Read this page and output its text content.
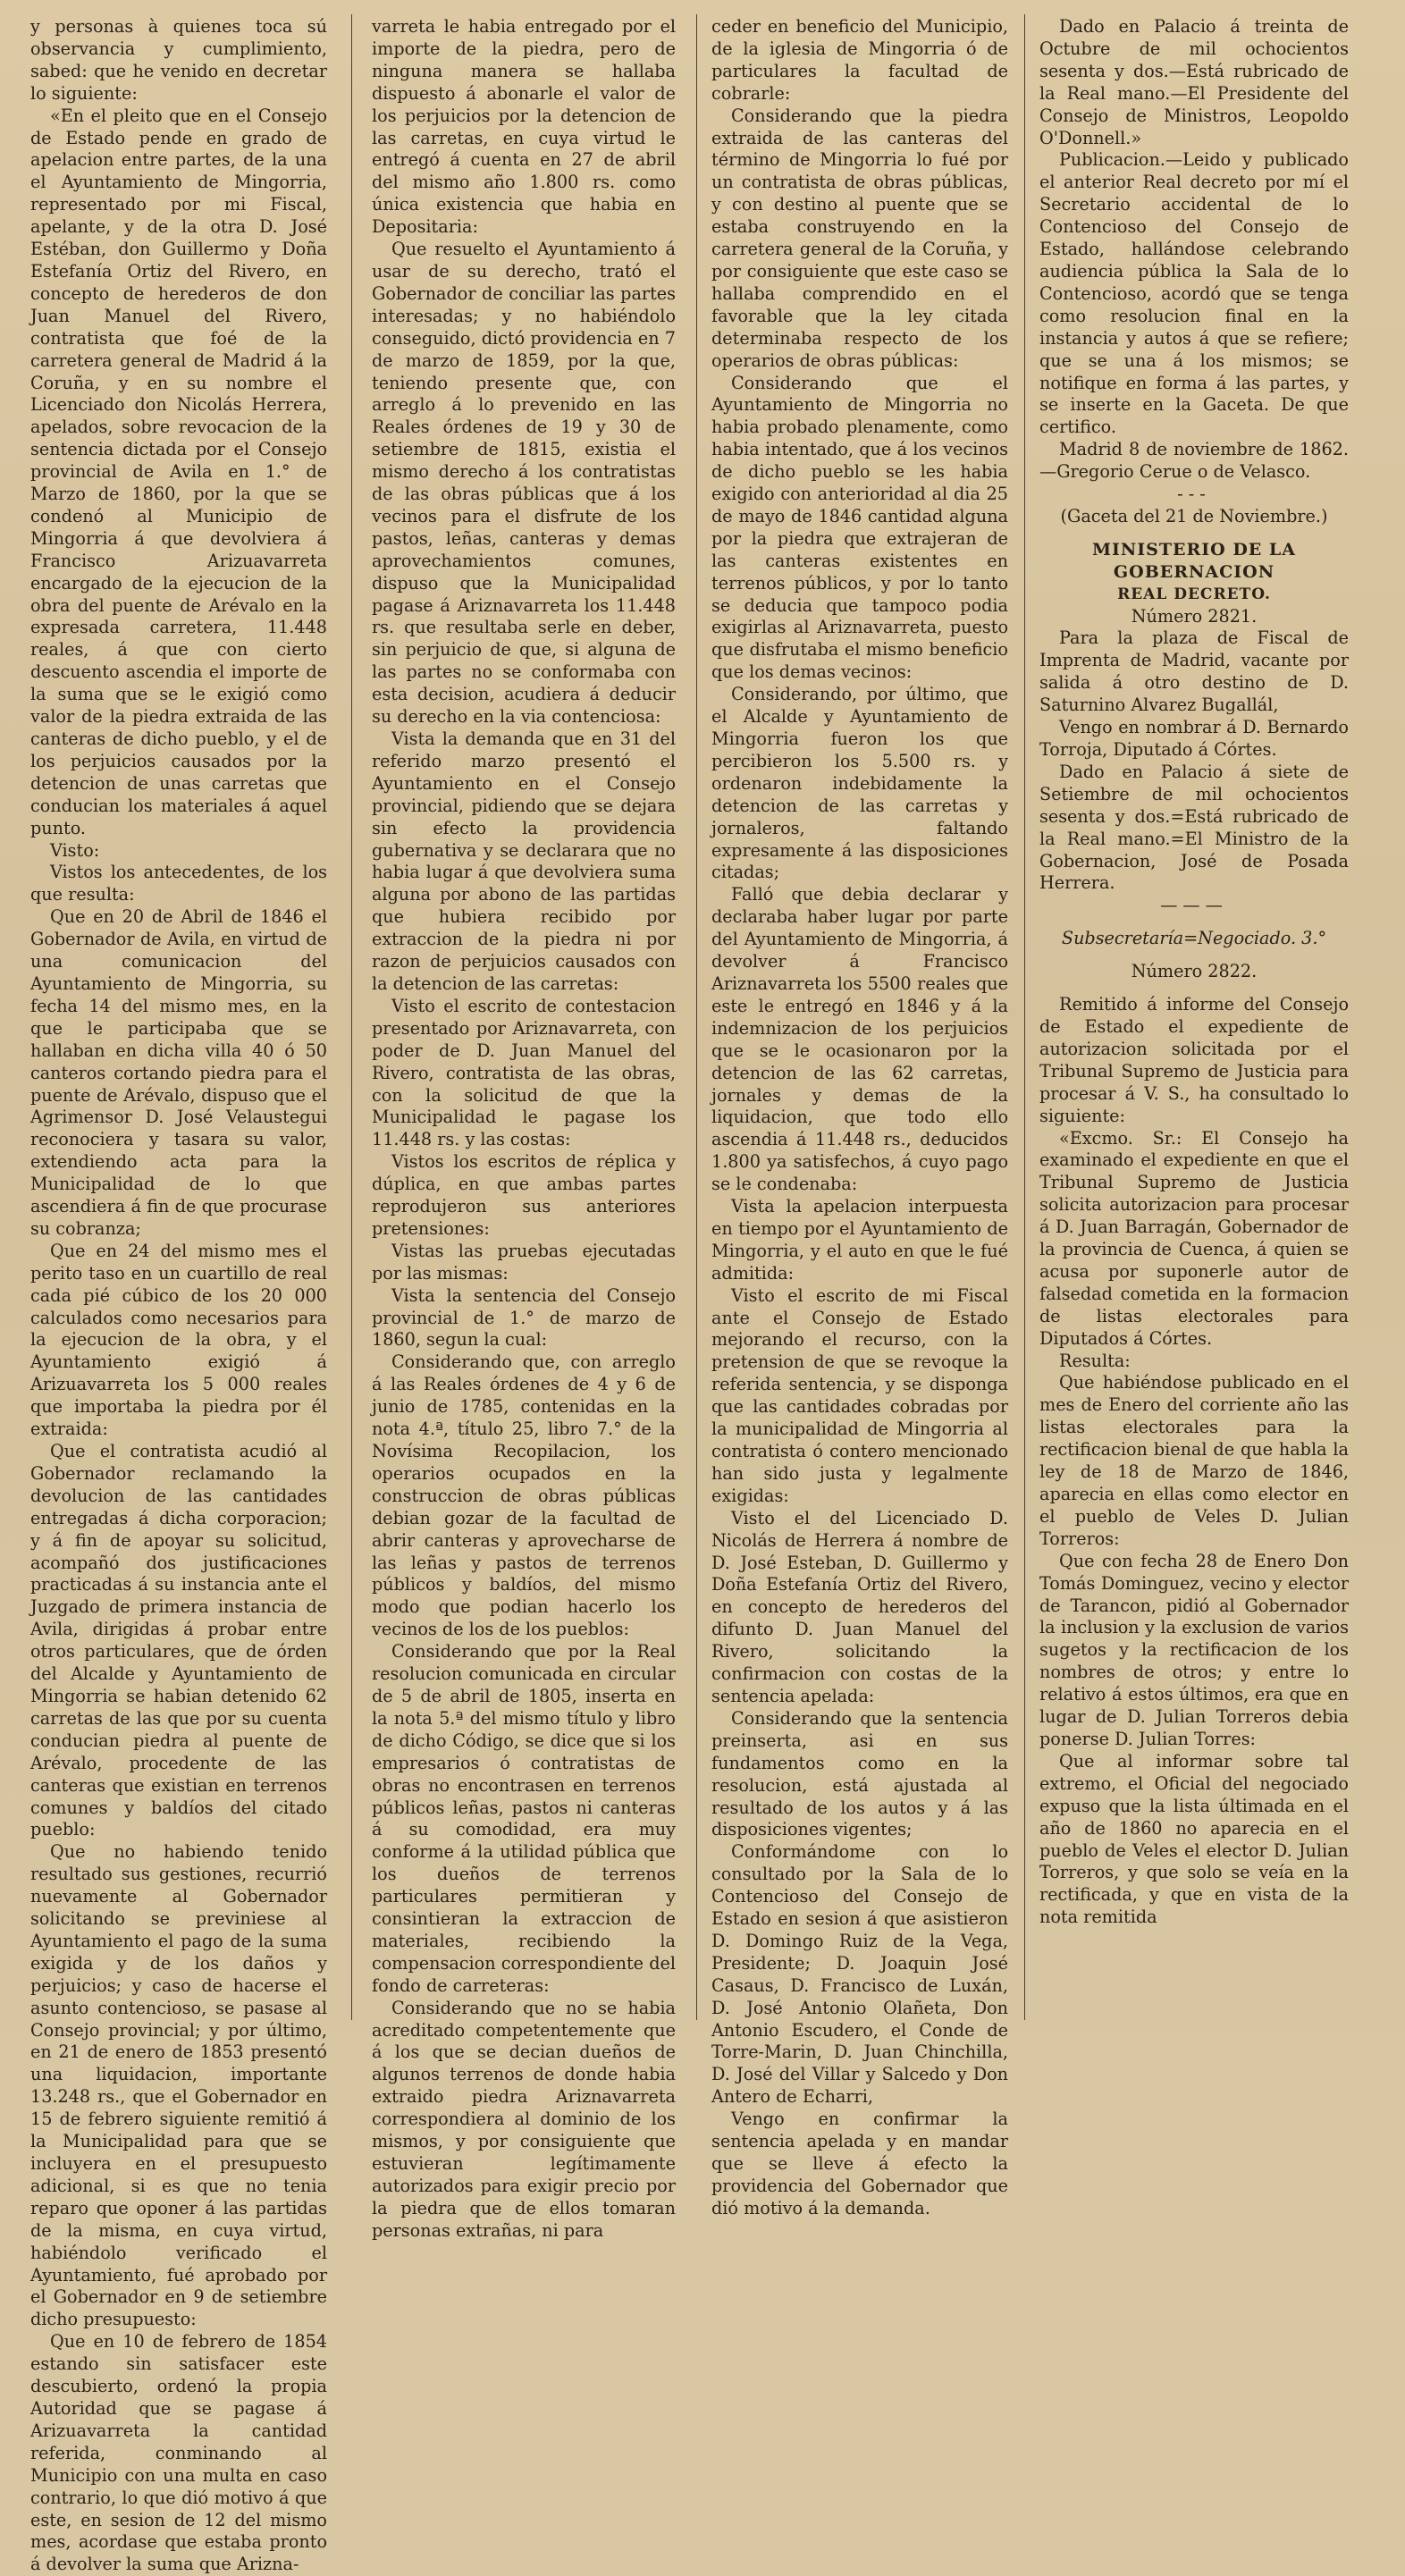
y personas à quienes toca sú observancia y cumplimiento, sabed: que he venido en decretar lo siguiente:

«En el pleito que en el Consejo de Estado pende en grado de apelacion entre partes, de la una el Ayuntamiento de Mingorria, representado por mi Fiscal, apelante, y de la otra D. José Estéban, don Guillermo y Doña Estefanía Ortiz del Rivero, en concepto de herederos de don Juan Manuel del Rivero, contratista que foé de la carretera general de Madrid á la Coruña, y en su nombre el Licenciado don Nicolás Herrera, apelados, sobre revocacion de la sentencia dictada por el Consejo provincial de Avila en 1.° de Marzo de 1860, por la que se condenó al Municipio de Mingorria á que devolviera á Francisco Arizuavarreta encargado de la ejecucion de la obra del puente de Arévalo en la expresada carretera, 11.448 reales, á que con cierto descuento ascendia el importe de la suma que se le exigió como valor de la piedra extraida de las canteras de dicho pueblo, y el de los perjuicios causados por la detencion de unas carretas que conducian los materiales á aquel punto.

Visto:

Vistos los antecedentes, de los que resulta:

Que en 20 de Abril de 1846 el Gobernador de Avila, en virtud de una comunicacion del Ayuntamiento de Mingorria, su fecha 14 del mismo mes, en la que le participaba que se hallaban en dicha villa 40 ó 50 canteros cortando piedra para el puente de Arévalo, dispuso que el Agrimensor D. José Velaustegui reconociera y tasara su valor, extendiendo acta para la Municipalidad de lo que ascendiera á fin de que procurase su cobranza;

Que en 24 del mismo mes el perito taso en un cuartillo de real cada pié cúbico de los 20 000 calculados como necesarios para la ejecucion de la obra, y el Ayuntamiento exigió á Arizuavarreta los 5 000 reales que importaba la piedra por él extraida:

Que el contratista acudió al Gobernador reclamando la devolucion de las cantidades entregadas á dicha corporacion; y á fin de apoyar su solicitud, acompañó dos justificaciones practicadas á su instancia ante el Juzgado de primera instancia de Avila, dirigidas á probar entre otros particulares, que de órden del Alcalde y Ayuntamiento de Mingorria se habian detenido 62 carretas de las que por su cuenta conducian piedra al puente de Arévalo, procedente de las canteras que existian en terrenos comunes y baldíos del citado pueblo:

Que no habiendo tenido resultado sus gestiones, recurrió nuevamente al Gobernador solicitando se previniese al Ayuntamiento el pago de la suma exigida y de los daños y perjuicios; y caso de hacerse el asunto contencioso, se pasase al Consejo provincial; y por último, en 21 de enero de 1853 presentó una liquidacion, importante 13.248 rs., que el Gobernador en 15 de febrero siguiente remitió á la Municipalidad para que se incluyera en el presupuesto adicional, si es que no tenia reparo que oponer á las partidas de la misma, en cuya virtud, habiéndolo verificado el Ayuntamiento, fué aprobado por el Gobernador en 9 de setiembre dicho presupuesto:

Que en 10 de febrero de 1854 estando sin satisfacer este descubierto, ordenó la propia Autoridad que se pagase á Arizuavarreta la cantidad referida, conminando al Municipio con una multa en caso contrario, lo que dió motivo á que este, en sesion de 12 del mismo mes, acordase que estaba pronto á devolver la suma que Arizna-

varreta le habia entregado por el importe de la piedra, pero de ninguna manera se hallaba dispuesto á abonarle el valor de los perjuicios por la detencion de las carretas, en cuya virtud le entregó á cuenta en 27 de abril del mismo año 1.800 rs. como única existencia que habia en Depositaria:

Que resuelto el Ayuntamiento á usar de su derecho, trató el Gobernador de conciliar las partes interesadas; y no habiéndolo conseguido, dictó providencia en 7 de marzo de 1859, por la que, teniendo presente que, con arreglo á lo prevenido en las Reales órdenes de 19 y 30 de setiembre de 1815, existia el mismo derecho á los contratistas de las obras públicas que á los vecinos para el disfrute de los pastos, leñas, canteras y demas aprovechamientos comunes, dispuso que la Municipalidad pagase á Ariznavarreta los 11.448 rs. que resultaba serle en deber, sin perjuicio de que, si alguna de las partes no se conformaba con esta decision, acudiera á deducir su derecho en la via contenciosa:

Vista la demanda que en 31 del referido marzo presentó el Ayuntamiento en el Consejo provincial, pidiendo que se dejara sin efecto la providencia gubernativa y se declarara que no habia lugar á que devolviera suma alguna por abono de las partidas que hubiera recibido por extraccion de la piedra ni por razon de perjuicios causados con la detencion de las carretas:

Visto el escrito de contestacion presentado por Ariznavarreta, con poder de D. Juan Manuel del Rivero, contratista de las obras, con la solicitud de que la Municipalidad le pagase los 11.448 rs. y las costas:

Vistos los escritos de réplica y dúplica, en que ambas partes reprodujeron sus anteriores pretensiones:

Vistas las pruebas ejecutadas por las mismas:

Vista la sentencia del Consejo provincial de 1.° de marzo de 1860, segun la cual:

Considerando que, con arreglo á las Reales órdenes de 4 y 6 de junio de 1785, contenidas en la nota 4.ª, título 25, libro 7.° de la Novísima Recopilacion, los operarios ocupados en la construccion de obras públicas debian gozar de la facultad de abrir canteras y aprovecharse de las leñas y pastos de terrenos públicos y baldíos, del mismo modo que podian hacerlo los vecinos de los de los pueblos:

Considerando que por la Real resolucion comunicada en circular de 5 de abril de 1805, inserta en la nota 5.ª del mismo título y libro de dicho Código, se dice que si los empresarios ó contratistas de obras no encontrasen en terrenos públicos leñas, pastos ni canteras á su comodidad, era muy conforme á la utilidad pública que los dueños de terrenos particulares permitieran y consintieran la extraccion de materiales, recibiendo la compensacion correspondiente del fondo de carreteras:

Considerando que no se habia acreditado competentemente que á los que se decian dueños de algunos terrenos de donde habia extraido piedra Ariznavarreta correspondiera al dominio de los mismos, y por consiguiente que estuvieran legítimamente autorizados para exigir precio por la piedra que de ellos tomaran personas extrañas, ni para

ceder en beneficio del Municipio, de la iglesia de Mingorria ó de particulares la facultad de cobrarle:

Considerando que la piedra extraida de las canteras del término de Mingorria lo fué por un contratista de obras públicas, y con destino al puente que se estaba construyendo en la carretera general de la Coruña, y por consiguiente que este caso se hallaba comprendido en el favorable que la ley citada determinaba respecto de los operarios de obras públicas:

Considerando que el Ayuntamiento de Mingorria no habia probado plenamente, como habia intentado, que á los vecinos de dicho pueblo se les habia exigido con anterioridad al dia 25 de mayo de 1846 cantidad alguna por la piedra que extrajeran de las canteras existentes en terrenos públicos, y por lo tanto se deducia que tampoco podia exigirlas al Ariznavarreta, puesto que disfrutaba el mismo beneficio que los demas vecinos:

Considerando, por último, que el Alcalde y Ayuntamiento de Mingorria fueron los que percibieron los 5.500 rs. y ordenaron indebidamente la detencion de las carretas y jornaleros, faltando expresamente á las disposiciones citadas;

Falló que debia declarar y declaraba haber lugar por parte del Ayuntamiento de Mingorria, á devolver á Francisco Ariznavarreta los 5500 reales que este le entregó en 1846 y á la indemnizacion de los perjuicios que se le ocasionaron por la detencion de las 62 carretas, jornales y demas de la liquidacion, que todo ello ascendia á 11.448 rs., deducidos 1.800 ya satisfechos, á cuyo pago se le condenaba:

Vista la apelacion interpuesta en tiempo por el Ayuntamiento de Mingorria, y el auto en que le fué admitida:

Visto el escrito de mi Fiscal ante el Consejo de Estado mejorando el recurso, con la pretension de que se revoque la referida sentencia, y se disponga que las cantidades cobradas por la municipalidad de Mingorria al contratista ó contero mencionado han sido justa y legalmente exigidas:

Visto el del Licenciado D. Nicolás de Herrera á nombre de D. José Esteban, D. Guillermo y Doña Estefanía Ortiz del Rivero, en concepto de herederos del difunto D. Juan Manuel del Rivero, solicitando la confirmacion con costas de la sentencia apelada:

Considerando que la sentencia preinserta, asi en sus fundamentos como en la resolucion, está ajustada al resultado de los autos y á las disposiciones vigentes;

Conformándome con lo consultado por la Sala de lo Contencioso del Consejo de Estado en sesion á que asistieron D. Domingo Ruiz de la Vega, Presidente; D. Joaquin José Casaus, D. Francisco de Luxán, D. José Antonio Olañeta, Don Antonio Escudero, el Conde de Torre-Marin, D. Juan Chinchilla, D. José del Villar y Salcedo y Don Antero de Echarri,

Vengo en confirmar la sentencia apelada y en mandar que se lleve á efecto la providencia del Gobernador que dió motivo á la demanda.

Dado en Palacio á treinta de Octubre de mil ochocientos sesenta y dos.—Está rubricado de la Real mano.—El Presidente del Consejo de Ministros, Leopoldo O'Donnell.»

Publicacion.—Leido y publicado el anterior Real decreto por mí el Secretario accidental de lo Contencioso del Consejo de Estado, hallándose celebrando audiencia pública la Sala de lo Contencioso, acordó que se tenga como resolucion final en la instancia y autos á que se refiere; que se una á los mismos; se notifique en forma á las partes, y se inserte en la Gaceta. De que certifico.

Madrid 8 de noviembre de 1862. —Gregorio Cerue o de Velasco.

---

(Gaceta del 21 de Noviembre.)

MINISTERIO DE LA GOBERNACION

REAL DECRETO.

Número 2821.

Para la plaza de Fiscal de Imprenta de Madrid, vacante por salida á otro destino de D. Saturnino Alvarez Bugallál,

Vengo en nombrar á D. Bernardo Torroja, Diputado á Córtes.

Dado en Palacio á siete de Setiembre de mil ochocientos sesenta y dos.=Está rubricado de la Real mano.=El Ministro de la Gobernacion, José de Posada Herrera.

———

Subsecretaría=Negociado. 3.°

Número 2822.

Remitido á informe del Consejo de Estado el expediente de autorizacion solicitada por el Tribunal Supremo de Justicia para procesar á V. S., ha consultado lo siguiente:

«Excmo. Sr.: El Consejo ha examinado el expediente en que el Tribunal Supremo de Justicia solicita autorizacion para procesar á D. Juan Barragán, Gobernador de la provincia de Cuenca, á quien se acusa por suponerle autor de falsedad cometida en la formacion de listas electorales para Diputados á Córtes.

Resulta:

Que habiéndose publicado en el mes de Enero del corriente año las listas electorales para la rectificacion bienal de que habla la ley de 18 de Marzo de 1846, aparecia en ellas como elector en el pueblo de Veles D. Julian Torreros:

Que con fecha 28 de Enero Don Tomás Dominguez, vecino y elector de Tarancon, pidió al Gobernador la inclusion y la exclusion de varios sugetos y la rectificacion de los nombres de otros; y entre lo relativo á estos últimos, era que en lugar de D. Julian Torreros debia ponerse D. Julian Torres:

Que al informar sobre tal extremo, el Oficial del negociado expuso que la lista últimada en el año de 1860 no aparecia en el pueblo de Veles el elector D. Julian Torreros, y que solo se veía en la rectificada, y que en vista de la nota remitida
